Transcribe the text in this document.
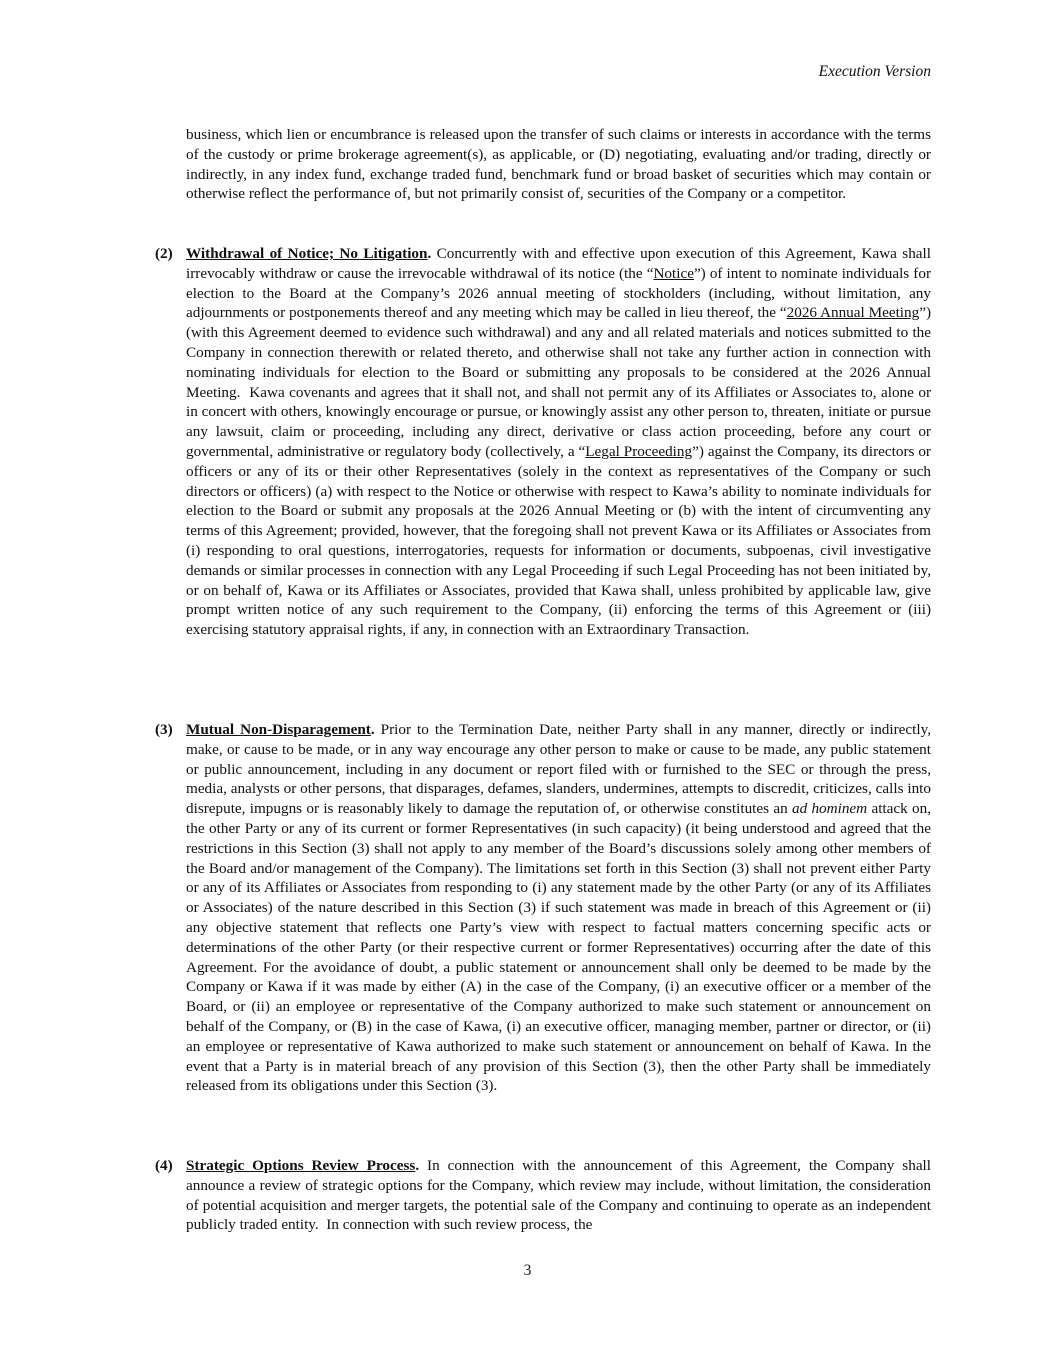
Execution Version
business, which lien or encumbrance is released upon the transfer of such claims or interests in accordance with the terms of the custody or prime brokerage agreement(s), as applicable, or (D) negotiating, evaluating and/or trading, directly or indirectly, in any index fund, exchange traded fund, benchmark fund or broad basket of securities which may contain or otherwise reflect the performance of, but not primarily consist of, securities of the Company or a competitor.
(2) Withdrawal of Notice; No Litigation. Concurrently with and effective upon execution of this Agreement, Kawa shall irrevocably withdraw or cause the irrevocable withdrawal of its notice (the “Notice”) of intent to nominate individuals for election to the Board at the Company’s 2026 annual meeting of stockholders (including, without limitation, any adjournments or postponements thereof and any meeting which may be called in lieu thereof, the “2026 Annual Meeting”) (with this Agreement deemed to evidence such withdrawal) and any and all related materials and notices submitted to the Company in connection therewith or related thereto, and otherwise shall not take any further action in connection with nominating individuals for election to the Board or submitting any proposals to be considered at the 2026 Annual Meeting.  Kawa covenants and agrees that it shall not, and shall not permit any of its Affiliates or Associates to, alone or in concert with others, knowingly encourage or pursue, or knowingly assist any other person to, threaten, initiate or pursue any lawsuit, claim or proceeding, including any direct, derivative or class action proceeding, before any court or governmental, administrative or regulatory body (collectively, a “Legal Proceeding”) against the Company, its directors or officers or any of its or their other Representatives (solely in the context as representatives of the Company or such directors or officers) (a) with respect to the Notice or otherwise with respect to Kawa’s ability to nominate individuals for election to the Board or submit any proposals at the 2026 Annual Meeting or (b) with the intent of circumventing any terms of this Agreement; provided, however, that the foregoing shall not prevent Kawa or its Affiliates or Associates from (i) responding to oral questions, interrogatories, requests for information or documents, subpoenas, civil investigative demands or similar processes in connection with any Legal Proceeding if such Legal Proceeding has not been initiated by, or on behalf of, Kawa or its Affiliates or Associates, provided that Kawa shall, unless prohibited by applicable law, give prompt written notice of any such requirement to the Company, (ii) enforcing the terms of this Agreement or (iii) exercising statutory appraisal rights, if any, in connection with an Extraordinary Transaction.
(3) Mutual Non-Disparagement. Prior to the Termination Date, neither Party shall in any manner, directly or indirectly, make, or cause to be made, or in any way encourage any other person to make or cause to be made, any public statement or public announcement, including in any document or report filed with or furnished to the SEC or through the press, media, analysts or other persons, that disparages, defames, slanders, undermines, attempts to discredit, criticizes, calls into disrepute, impugns or is reasonably likely to damage the reputation of, or otherwise constitutes an ad hominem attack on, the other Party or any of its current or former Representatives (in such capacity) (it being understood and agreed that the restrictions in this Section (3) shall not apply to any member of the Board’s discussions solely among other members of the Board and/or management of the Company). The limitations set forth in this Section (3) shall not prevent either Party or any of its Affiliates or Associates from responding to (i) any statement made by the other Party (or any of its Affiliates or Associates) of the nature described in this Section (3) if such statement was made in breach of this Agreement or (ii) any objective statement that reflects one Party’s view with respect to factual matters concerning specific acts or determinations of the other Party (or their respective current or former Representatives) occurring after the date of this Agreement. For the avoidance of doubt, a public statement or announcement shall only be deemed to be made by the Company or Kawa if it was made by either (A) in the case of the Company, (i) an executive officer or a member of the Board, or (ii) an employee or representative of the Company authorized to make such statement or announcement on behalf of the Company, or (B) in the case of Kawa, (i) an executive officer, managing member, partner or director, or (ii) an employee or representative of Kawa authorized to make such statement or announcement on behalf of Kawa. In the event that a Party is in material breach of any provision of this Section (3), then the other Party shall be immediately released from its obligations under this Section (3).
(4) Strategic Options Review Process. In connection with the announcement of this Agreement, the Company shall announce a review of strategic options for the Company, which review may include, without limitation, the consideration of potential acquisition and merger targets, the potential sale of the Company and continuing to operate as an independent publicly traded entity.  In connection with such review process, the
3
